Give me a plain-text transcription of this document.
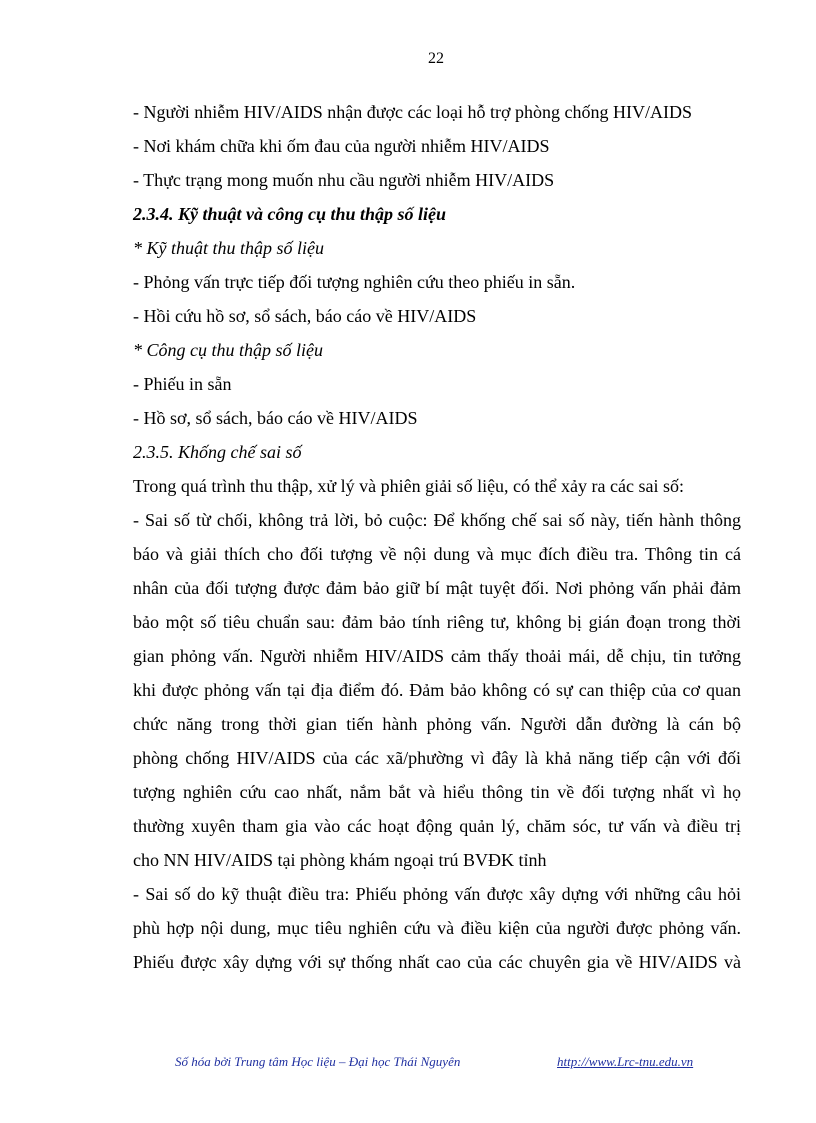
22
- Người nhiễm HIV/AIDS nhận được các loại hỗ trợ phòng chống HIV/AIDS
- Nơi khám chữa khi ốm đau của người nhiễm HIV/AIDS
- Thực trạng mong muốn nhu cầu người nhiễm HIV/AIDS
2.3.4. Kỹ thuật và công cụ thu thập số liệu
* Kỹ thuật thu thập số liệu
- Phỏng vấn trực tiếp đối tượng nghiên cứu theo phiếu in sẵn.
- Hồi cứu hồ sơ, sổ sách, báo cáo về HIV/AIDS
* Công cụ thu thập số liệu
- Phiếu in sẵn
- Hồ sơ, sổ sách, báo cáo về HIV/AIDS
2.3.5. Khống chế sai số
Trong quá trình thu thập, xử lý và phiên giải số liệu, có thể xảy ra các sai số:
- Sai số từ chối, không trả lời, bỏ cuộc: Để khống chế sai số này, tiến hành thông
báo và giải thích cho đối tượng về nội dung và mục đích điều tra. Thông tin cá
nhân của đối tượng được đảm bảo giữ bí mật tuyệt đối. Nơi phỏng vấn phải đảm
bảo một số tiêu chuẩn sau: đảm bảo tính riêng tư, không bị gián đoạn trong thời
gian phỏng vấn. Người nhiễm HIV/AIDS cảm thấy thoải mái, dễ chịu, tin tưởng
khi được phỏng vấn tại địa điểm đó. Đảm bảo không có sự can thiệp của cơ quan
chức năng trong thời gian tiến hành phỏng vấn. Người dẫn đường là cán bộ
phòng chống HIV/AIDS của các xã/phường vì đây là khả năng tiếp cận với đối
tượng nghiên cứu cao nhất, nắm bắt và hiểu thông tin về đối tượng nhất vì họ
thường xuyên tham gia vào các hoạt động quản lý, chăm sóc, tư vấn và điều trị
cho NN HIV/AIDS tại phòng khám ngoại trú BVĐK tỉnh
- Sai số do kỹ thuật điều tra: Phiếu phỏng vấn được xây dựng với những câu hỏi
phù hợp nội dung, mục tiêu nghiên cứu và điều kiện của người được phỏng vấn.
Phiếu được xây dựng với sự thống nhất cao của các chuyên gia về HIV/AIDS và
Số hóa bởi Trung tâm Học liệu – Đại học Thái Nguyên	http://www.Lrc-tnu.edu.vn
